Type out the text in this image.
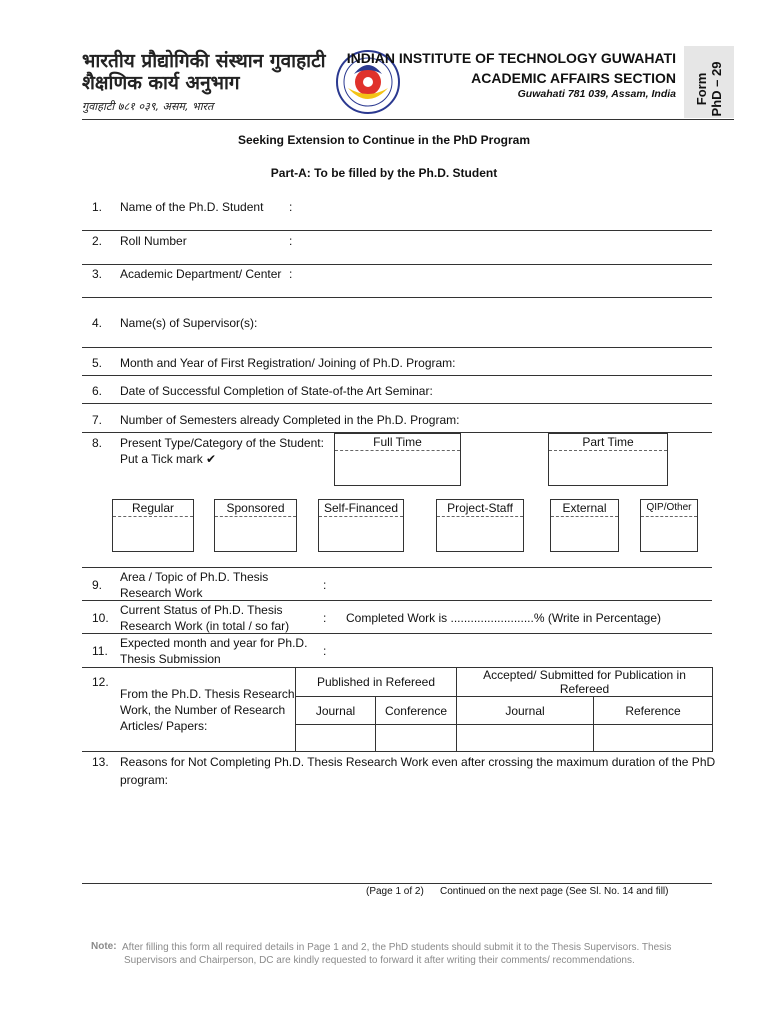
भारतीय प्रौद्योगिकी संस्थान गुवाहाटी
शैक्षणिक कार्य अनुभाग
गुवाहाटी ७८१ ०३९, असम, भारत
INDIAN INSTITUTE OF TECHNOLOGY GUWAHATI
ACADEMIC AFFAIRS SECTION
Guwahati 781 039, Assam, India Form PhD – 29
Seeking Extension to Continue in the PhD Program
Part-A: To be filled by the Ph.D. Student
1. Name of the Ph.D. Student :
2. Roll Number	:
3. Academic Department/ Center :
4. Name(s) of Supervisor(s):
5. Month and Year of First Registration/ Joining of Ph.D. Program:
6. Date of Successful Completion of State-of-the Art Seminar:
7. Number of Semesters already Completed in the Ph.D. Program:
8. Present Type/Category of the Student:
Put a Tick mark ✔
Full Time	Part Time
Regular	Sponsored	Self-Financed	Project-Staff	External	QIP/Other
9.
Area / Topic of Ph.D. Thesis
Research Work
:
10.
Current Status of Ph.D. Thesis
Research Work (in total / so far)
: Completed Work is .........................% (Write in Percentage)
11.
Expected month and year for Ph.D.
Thesis Submission
:
12.
From the Ph.D. Thesis Research
Work, the Number of Research
Articles/ Papers:
Published in Refereed		Accepted/ Submitted for Publication in Refereed	
Journal	Conference	Journal	Reference

13. Reasons for Not Completing Ph.D. Thesis Research Work even after crossing the maximum duration of the PhD
program:
(Page 1 of 2) Continued on the next page (See Sl. No. 14 and fill)
Note: After filling this form all required details in Page 1 and 2, the PhD students should submit it to the Thesis Supervisors. Thesis
Supervisors and Chairperson, DC are kindly requested to forward it after writing their comments/ recommendations.
